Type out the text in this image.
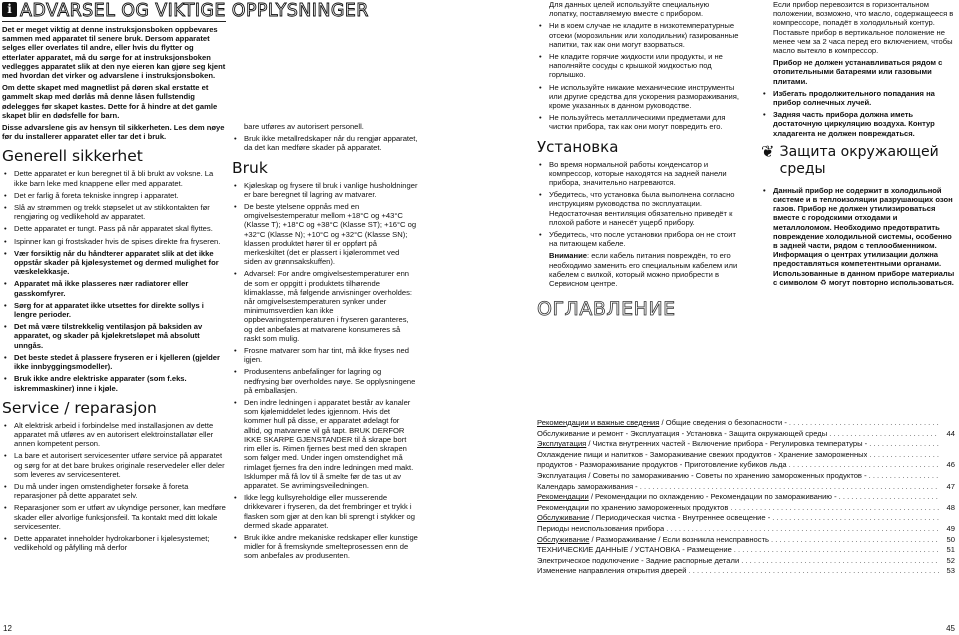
i ADVARSEL OG VIKTIGE OPPLYSNINGER

Det er meget viktig at denne instruksjonsboken oppbevares sammen med apparatet til senere bruk. Dersom apparatet selges eller overlates til andre, eller hvis du flytter og etterlater apparatet, må du sørge for at instruksjonsboken vedlegges apparatet slik at den nye eieren kan gjøre seg kjent med hvordan det virker og advarslene i instruksjonsboken.

Om dette skapet med magnetlist på døren skal erstatte et gammelt skap med dørlås må denne låsen fullstendig ødelegges før skapet kastes. Dette for å hindre at det gamle skapet blir en dødsfelle for barn.

Disse advarslene gis av hensyn til sikkerheten. Les dem nøye før du installerer apparatet eller tar det i bruk.

Generell sikkerhet
• Dette apparatet er kun beregnet til å bli brukt av voksne. La ikke barn leke med knappene eller med apparatet.
• Det er farlig å foreta tekniske inngrep i apparatet.
• Slå av strømmen og trekk støpselet ut av stikkontakten før rengjøring og vedlikehold av apparatet.
• Dette apparatet er tungt. Pass på når apparatet skal flyttes.
• Ispinner kan gi frostskader hvis de spises direkte fra fryseren.
• Vær forsiktig når du håndterer apparatet slik at det ikke oppstår skader på kjølesystemet og dermed mulighet for væskelekkasje.
• Apparatet må ikke plasseres nær radiatorer eller gasskomfyrer.
• Sørg for at apparatet ikke utsettes for direkte sollys i lengre perioder.
• Det må være tilstrekkelig ventilasjon på baksiden av apparatet, og skader på kjølekretsløpet må absolutt unngås.
• Det beste stedet å plassere fryseren er i kjelleren (gjelder ikke innbyggingsmodeller).
• Bruk ikke andre elektriske apparater (som f.eks. iskremmaskiner) inne i kjøle.
Service / reparasjon
• Alt elektrisk arbeid i forbindelse med installasjonen av dette apparatet må utføres av en autorisert elektroinstallatør eller annen kompetent person.
• La bare et autorisert servicesenter utføre service på apparatet og sørg for at det bare brukes originale reservedeler eller deler som leveres av servicesenteret.
• Du må under ingen omstendigheter forsøke å foreta reparasjoner på dette apparatet selv.
• Reparasjoner som er utført av ukyndige personer, kan medføre skader eller alvorlige funksjonsfeil. Ta kontakt med ditt lokale servicesenter.
• Dette apparatet inneholder hydrokarboner i kjølesystemet; vedlikehold og påfylling må derfor

bare utføres av autorisert personell.

• Bruk ikke metallredskaper når du rengjør apparatet, da det kan medføre skader på apparatet.
Bruk
• Kjøleskap og frysere til bruk i vanlige husholdninger er bare beregnet til lagring av matvarer.
• De beste ytelsene oppnås med en omgivelsestemperatur mellom +18°C og +43°C (Klasse T); +18°C og +38°C (Klasse ST); +16°C og +32°C (Klasse N); +10°C og +32°C (Klasse SN); klassen produktet hører til er oppført på merkeskiltet (det er plassert i kjølerommet ved siden av grønnsakskuffen).
• Advarsel: For andre omgivelsestemperaturer enn de som er oppgitt i produktets tilhørende klimaklasse, må følgende anvisninger overholdes: når omgivelsestemperaturen synker under minimumsverdien kan ikke oppbevaringstemperaturen i fryseren garanteres, og det anbefales at matvarene konsumeres så raskt som mulig.
• Frosne matvarer som har tint, må ikke fryses ned igjen.
• Produsentens anbefalinger for lagring og nedfrysing bør overholdes nøye. Se opplysningene på emballasjen.
• Den indre ledningen i apparatet består av kanaler som kjølemiddelet ledes igjennom. Hvis det kommer hull på disse, er apparatet ødelagt for alltid, og matvarene vil gå tapt. BRUK DERFOR IKKE SKARPE GJENSTANDER til å skrape bort rim eller is. Rimen fjernes best med den skrapen som følger med. Under ingen omstendighet må rimlaget fjernes fra den indre ledningen med makt. Isklumper må få lov til å smelte før de tas ut av apparatet. Se avrimingsveiledningen.
• Ikke legg kullsyreholdige eller musserende drikkevarer i fryseren, da det frembringer et trykk i flasken som gjør at den kan bli sprengt i stykker og dermed skade apparatet.
• Bruk ikke andre mekaniske redskaper eller kunstige midler for å fremskynde smelteprosessen enn de som anbefales av produsenten.

Для данных целей используйте специальную лопатку, поставляемую вместе с прибором.

• Ни в коем случае не кладите в низкотемпературные отсеки (морозильник или холодильник) газированные напитки, так как они могут взорваться.
• Не кладите горячие жидкости или продукты, и не наполняйте сосуды с крышкой жидкостью под горлышко.
• Не используйте никакие механические инструменты или другие средства для ускорения размораживания, кроме указанных в данном руководстве.
• Не пользуйтесь металлическими предметами для чистки прибора, так как они могут повредить его.
Установка
• Во время нормальной работы конденсатор и компрессор, которые находятся на задней панели прибора, значительно нагреваются.
• Убедитесь, что установка была выполнена согласно инструкциям руководства по эксплуатации. Недостаточная вентиляция обязательно приведёт к плохой работе и нанесёт ущерб прибору.
• Убедитесь, что после установки прибора он не стоит на питающем кабеле.

Внимание: если кабель питания повреждён, то его необходимо заменить его специальным кабелем или кабелем с вилкой, который можно приобрести в Сервисном центре.

ОГЛАВЛЕНИЕ

Если прибор перевозится в горизонтальном положении, возможно, что масло, содержащееся в компрессоре, попадёт в холодильный контур. Поставьте прибор в вертикальное положение не менее чем за 2 часа перед его включением, чтобы масло вытекло в компрессор.

Прибор не должен устанавливаться рядом с отопительными батареями или газовыми плитами.

• Избегать продолжительного попадания на прибор солнечных лучей.
• Задняя часть прибора должна иметь достаточную циркуляцию воздуха. Контур хладагента не должен повреждаться.
❦ Защита окружающей среды
• Данный прибор не содержит в холодильной системе и в теплоизоляции разрушающих озон газов. Прибор не должен утилизироваться вместе с городскими отходами и металлоломом. Необходимо предотвратить повреждение холодильной системы, особенно в задней части, рядом с теплообменником. Информация о центрах утилизации должна предоставляться компетентными органами. Использованные в данном приборе материалы с символом ♻ могут повторно использоваться.
Рекомендации и важные сведения / Общие сведения о безопасности -
. . .
Обслуживание и ремонт - Эксплуатация - Установка - Защита окружающей среды . . .	44
Эксплуатация / Чистка внутренних частей - Включение прибора - Регулировка температуры -
. . .
Охлаждение пищи и напитков - Замораживание свежих продуктов - Хранение замороженных
. . .
продуктов - Размораживание продуктов - Приготовление кубиков льда . . .	46
Эксплуатация / Советы по замораживанию - Советы по хранению замороженных продуктов -
. . .
Календарь замораживания - . . .	47
Рекомендации / Рекомендации по охлаждению - Рекомендации по замораживанию -
. . .
Рекомендации по хранению замороженных продуктов . . .	48
Обслуживание / Периодическая чистка - Внутреннее освещение -
. . .
Периоды неиспользования прибора . . .	49
Обслуживание / Размораживание / Если возникла неисправность . . .	50
ТЕХНИЧЕСКИЕ ДАННЫЕ / УСТАНОВКА - Размещение . . .	51
Электрическое подключение - Задние распорные детали . . .	52
Изменение направления открытия дверей . . .	53
12	45
